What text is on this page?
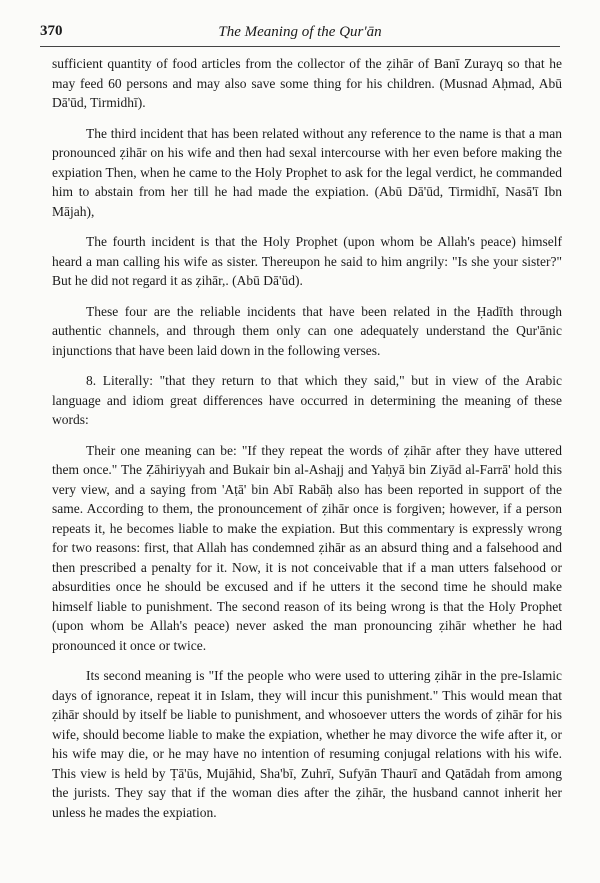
370	The Meaning of the Qur'ān

sufficient quantity of food articles from the collector of the ẓihār of Banī Zurayq so that he may feed 60 persons and may also save some thing for his children. (Musnad Aḥmad, Abū Dā'ūd, Tirmidhī).

The third incident that has been related without any reference to the name is that a man pronounced ẓihār on his wife and then had sexal intercourse with her even before making the expiation Then, when he came to the Holy Prophet to ask for the legal verdict, he commanded him to abstain from her till he had made the expiation. (Abū Dā'ūd, Tirmidhī, Nasā'ī Ibn Mājah),

The fourth incident is that the Holy Prophet (upon whom be Allah's peace) himself heard a man calling his wife as sister. Thereupon he said to him angrily: "Is she your sister?" But he did not regard it as ẓihār,. (Abū Dā'ūd).

These four are the reliable incidents that have been related in the Ḥadīth through authentic channels, and through them only can one adequately understand the Qur'ānic injunctions that have been laid down in the following verses.

8. Literally: "that they return to that which they said," but in view of the Arabic language and idiom great differences have occurred in determining the meaning of these words:

Their one meaning can be: "If they repeat the words of ẓihār after they have uttered them once." The Ẓāhiriyyah and Bukair bin al-Ashajj and Yaḥyā bin Ziyād al-Farrā' hold this very view, and a saying from 'Aṭā' bin Abī Rabāḥ also has been reported in support of the same. According to them, the pronouncement of ẓihār once is forgiven; however, if a person repeats it, he becomes liable to make the expiation. But this commentary is expressly wrong for two reasons: first, that Allah has condemned ẓihār as an absurd thing and a falsehood and then prescribed a penalty for it. Now, it is not conceivable that if a man utters falsehood or absurdities once he should be excused and if he utters it the second time he should make himself liable to punishment. The second reason of its being wrong is that the Holy Prophet (upon whom be Allah's peace) never asked the man pronouncing ẓihār whether he had pronounced it once or twice.

Its second meaning is "If the people who were used to uttering ẓihār in the pre-Islamic days of ignorance, repeat it in Islam, they will incur this punishment." This would mean that ẓihār should by itself be liable to punishment, and whosoever utters the words of ẓihār for his wife, should become liable to make the expiation, whether he may divorce the wife after it, or his wife may die, or he may have no intention of resuming conjugal relations with his wife. This view is held by Ṭā'ūs, Mujāhid, Sha'bī, Zuhrī, Sufyān Thaurī and Qatādah from among the jurists. They say that if the woman dies after the ẓihār, the husband cannot inherit her unless he mades the expiation.
